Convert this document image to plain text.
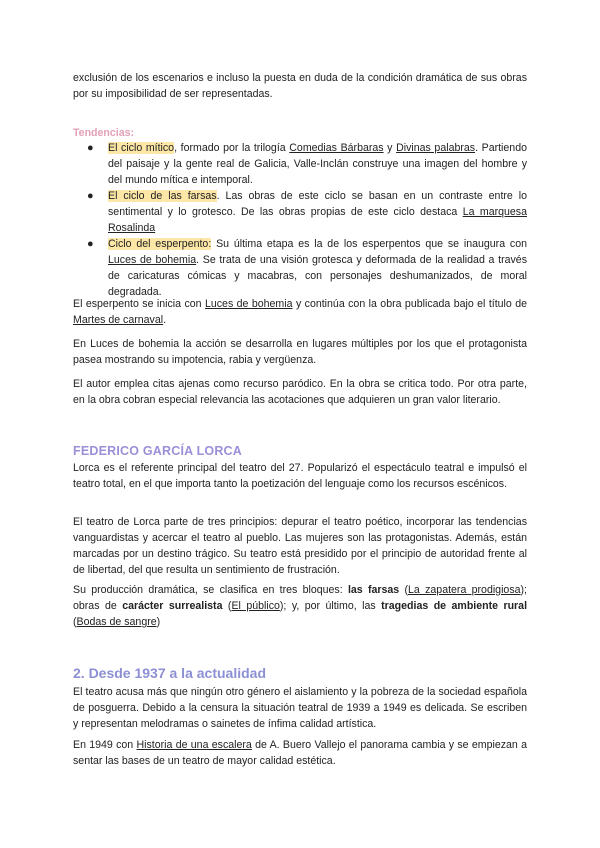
exclusión de los escenarios e incluso la puesta en duda de la condición dramática de sus obras por su imposibilidad de ser representadas.

Tendencias:

● El ciclo mítico, formado por la trilogía Comedias Bárbaras y Divinas palabras. Partiendo del paisaje y la gente real de Galicia, Valle-Inclán construye una imagen del hombre y del mundo mítica e intemporal.
● El ciclo de las farsas. Las obras de este ciclo se basan en un contraste entre lo sentimental y lo grotesco. De las obras propias de este ciclo destaca La marquesa Rosalinda
● Ciclo del esperpento: Su última etapa es la de los esperpentos que se inaugura con Luces de bohemia. Se trata de una visión grotesca y deformada de la realidad a través de caricaturas cómicas y macabras, con personajes deshumanizados, de moral degradada.

El esperpento se inicia con Luces de bohemia y continúa con la obra publicada bajo el título de Martes de carnaval.

En Luces de bohemia la acción se desarrolla en lugares múltiples por los que el protagonista pasea mostrando su impotencia, rabia y vergüenza.

El autor emplea citas ajenas como recurso paródico. En la obra se critica todo. Por otra parte, en la obra cobran especial relevancia las acotaciones que adquieren un gran valor literario.

FEDERICO GARCÍA LORCA

Lorca es el referente principal del teatro del 27. Popularizó el espectáculo teatral e impulsó el teatro total, en el que importa tanto la poetización del lenguaje como los recursos escénicos.

El teatro de Lorca parte de tres principios: depurar el teatro poético, incorporar las tendencias vanguardistas y acercar el teatro al pueblo. Las mujeres son las protagonistas. Además, están marcadas por un destino trágico. Su teatro está presidido por el principio de autoridad frente al de libertad, del que resulta un sentimiento de frustración.

Su producción dramática, se clasifica en tres bloques: las farsas (La zapatera prodigiosa); obras de carácter surrealista (El público); y, por último, las tragedias de ambiente rural (Bodas de sangre)

2. Desde 1937 a la actualidad

El teatro acusa más que ningún otro género el aislamiento y la pobreza de la sociedad española de posguerra. Debido a la censura la situación teatral de 1939 a 1949 es delicada. Se escriben y representan melodramas o sainetes de ínfima calidad artística.

En 1949 con Historia de una escalera de A. Buero Vallejo el panorama cambia y se empiezan a sentar las bases de un teatro de mayor calidad estética.
